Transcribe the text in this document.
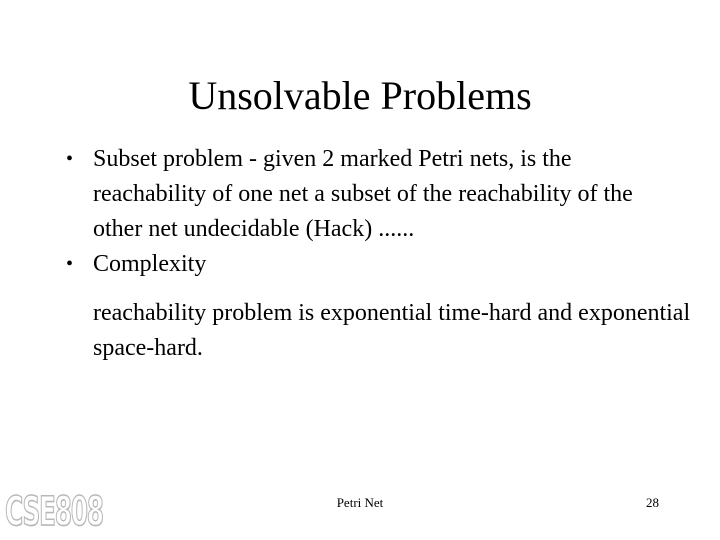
Unsolvable Problems
• Subset problem - given 2 marked Petri nets, is the reachability of one net a subset of the reachability of the other net undecidable (Hack) ......
• Complexity

reachability problem is exponential time-hard and exponential space-hard.

CSE808	Petri Net	28
